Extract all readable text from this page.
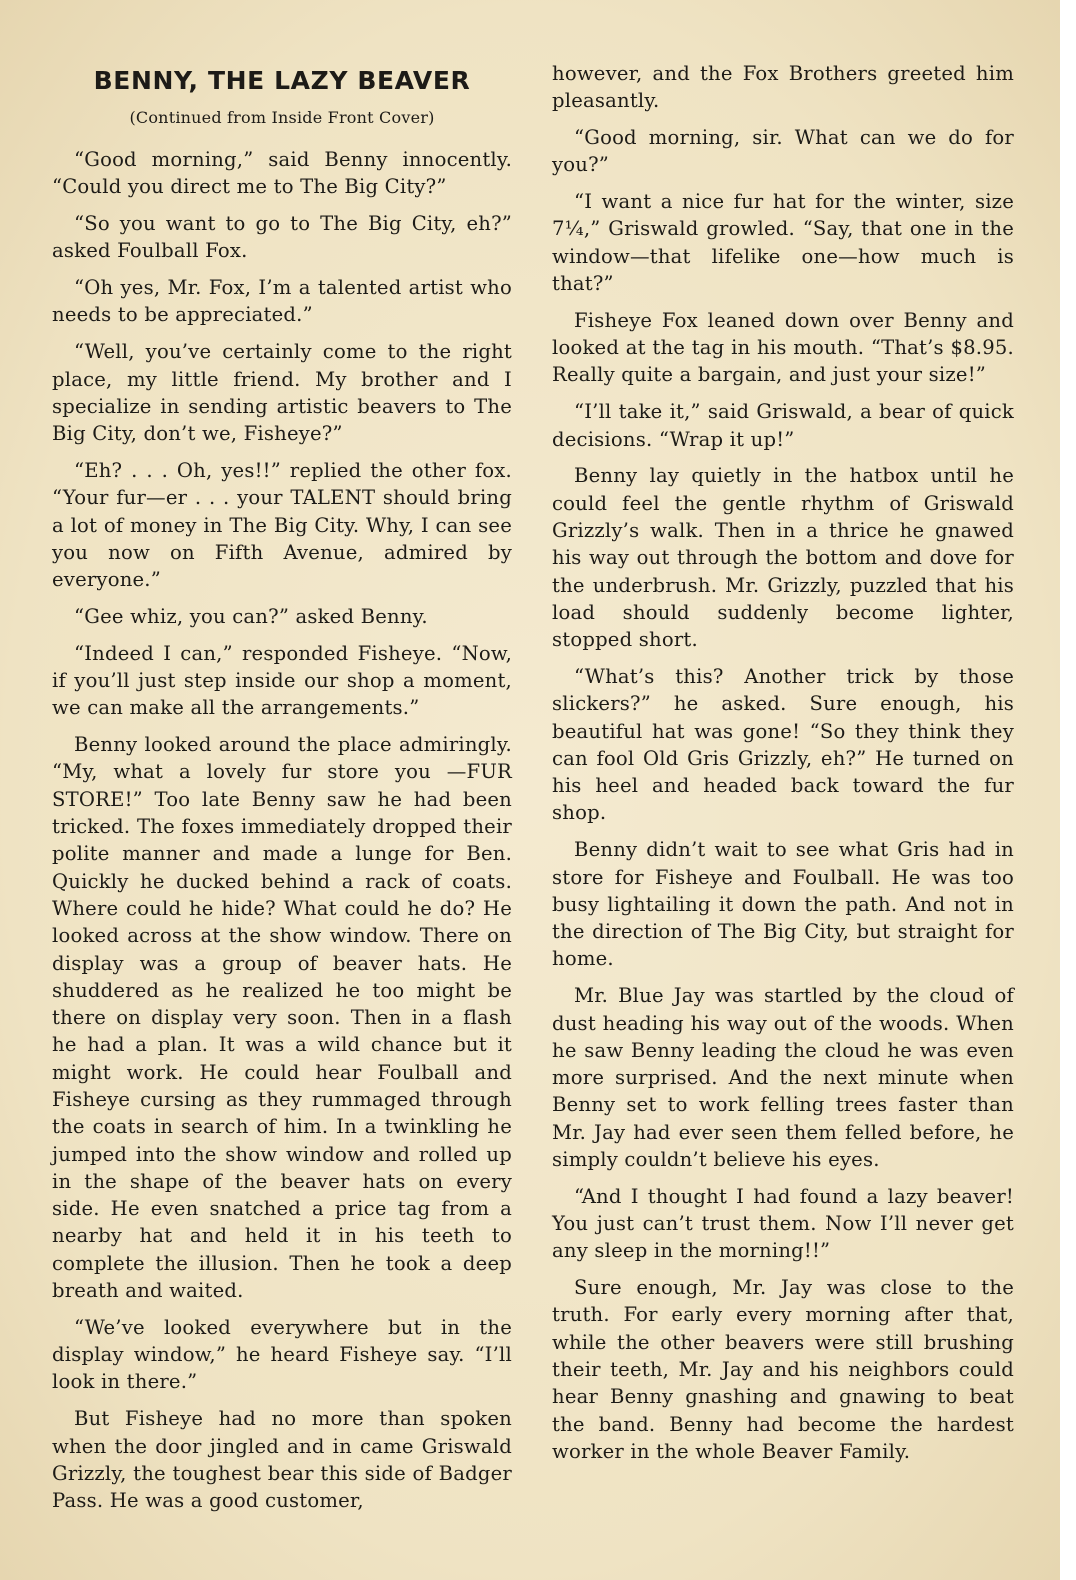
BENNY, THE LAZY BEAVER
(Continued from Inside Front Cover)

“Good morning,” said Benny innocently. “Could you direct me to The Big City?”

“So you want to go to The Big City, eh?” asked Foulball Fox.

“Oh yes, Mr. Fox, I’m a talented artist who needs to be appreciated.”

“Well, you’ve certainly come to the right place, my little friend. My brother and I specialize in sending artistic beavers to The Big City, don’t we, Fisheye?”

“Eh? . . . Oh, yes!!” replied the other fox. “Your fur—er . . . your TALENT should bring a lot of money in The Big City. Why, I can see you now on Fifth Avenue, admired by everyone.”

“Gee whiz, you can?” asked Benny.

“Indeed I can,” responded Fisheye. “Now, if you’ll just step inside our shop a moment, we can make all the arrangements.”

Benny looked around the place admiringly. “My, what a lovely fur store you —FUR STORE!” Too late Benny saw he had been tricked. The foxes immediately dropped their polite manner and made a lunge for Ben. Quickly he ducked behind a rack of coats. Where could he hide? What could he do? He looked across at the show window. There on display was a group of beaver hats. He shuddered as he realized he too might be there on display very soon. Then in a flash he had a plan. It was a wild chance but it might work. He could hear Foulball and Fisheye cursing as they rummaged through the coats in search of him. In a twinkling he jumped into the show window and rolled up in the shape of the beaver hats on every side. He even snatched a price tag from a nearby hat and held it in his teeth to complete the illusion. Then he took a deep breath and waited.

“We’ve looked everywhere but in the display window,” he heard Fisheye say. “I’ll look in there.”

But Fisheye had no more than spoken when the door jingled and in came Griswald Grizzly, the toughest bear this side of Badger Pass. He was a good customer,

however, and the Fox Brothers greeted him pleasantly.

“Good morning, sir. What can we do for you?”

“I want a nice fur hat for the winter, size 7¼,” Griswald growled. “Say, that one in the window—that lifelike one—how much is that?”

Fisheye Fox leaned down over Benny and looked at the tag in his mouth. “That’s $8.95. Really quite a bargain, and just your size!”

“I’ll take it,” said Griswald, a bear of quick decisions. “Wrap it up!”

Benny lay quietly in the hatbox until he could feel the gentle rhythm of Griswald Grizzly’s walk. Then in a thrice he gnawed his way out through the bottom and dove for the underbrush. Mr. Grizzly, puzzled that his load should suddenly become lighter, stopped short.

“What’s this? Another trick by those slickers?” he asked. Sure enough, his beautiful hat was gone! “So they think they can fool Old Gris Grizzly, eh?” He turned on his heel and headed back toward the fur shop.

Benny didn’t wait to see what Gris had in store for Fisheye and Foulball. He was too busy lightailing it down the path. And not in the direction of The Big City, but straight for home.

Mr. Blue Jay was startled by the cloud of dust heading his way out of the woods. When he saw Benny leading the cloud he was even more surprised. And the next minute when Benny set to work felling trees faster than Mr. Jay had ever seen them felled before, he simply couldn’t believe his eyes.

“And I thought I had found a lazy beaver! You just can’t trust them. Now I’ll never get any sleep in the morning!!”

Sure enough, Mr. Jay was close to the truth. For early every morning after that, while the other beavers were still brushing their teeth, Mr. Jay and his neighbors could hear Benny gnashing and gnawing to beat the band. Benny had become the hardest worker in the whole Beaver Family.
